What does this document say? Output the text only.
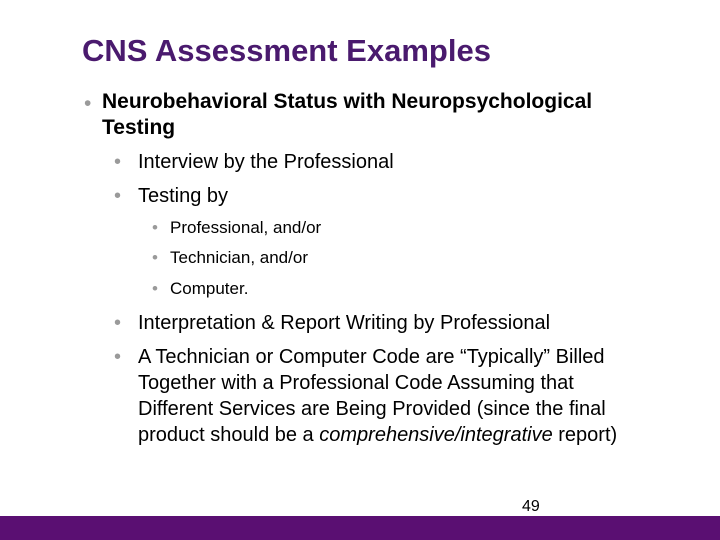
CNS Assessment Examples
• Neurobehavioral Status with Neuropsychological
Testing
• Interview by the Professional
• Testing by
• Professional, and/or
• Technician, and/or
• Computer.
• Interpretation & Report Writing by Professional
• A Technician or Computer Code are “Typically” Billed
Together with a Professional Code Assuming that
Different Services are Being Provided (since the final
product should be a comprehensive/integrative report)
49
